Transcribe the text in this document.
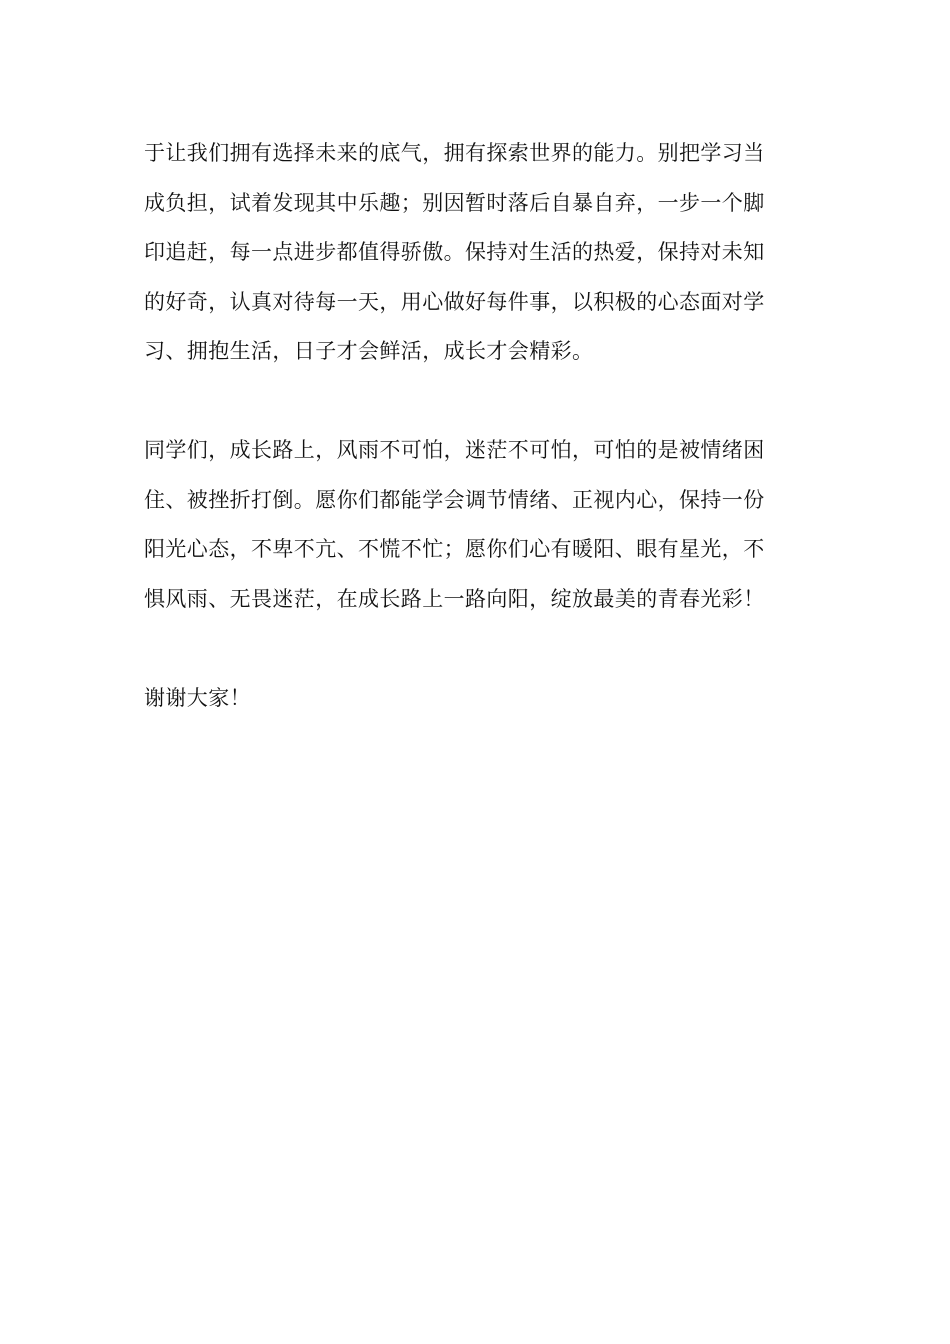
于让我们拥有选择未来的底气，拥有探索世界的能力。别把学习当
成负担，试着发现其中乐趣；别因暂时落后自暴自弃，一步一个脚
印追赶，每一点进步都值得骄傲。保持对生活的热爱，保持对未知
的好奇，认真对待每一天，用心做好每件事，以积极的心态面对学
习、拥抱生活，日子才会鲜活，成长才会精彩。
同学们，成长路上，风雨不可怕，迷茫不可怕，可怕的是被情绪困
住、被挫折打倒。愿你们都能学会调节情绪、正视内心，保持一份
阳光心态，不卑不亢、不慌不忙；愿你们心有暖阳、眼有星光，不
惧风雨、无畏迷茫，在成长路上一路向阳，绽放最美的青春光彩！
谢谢大家！
